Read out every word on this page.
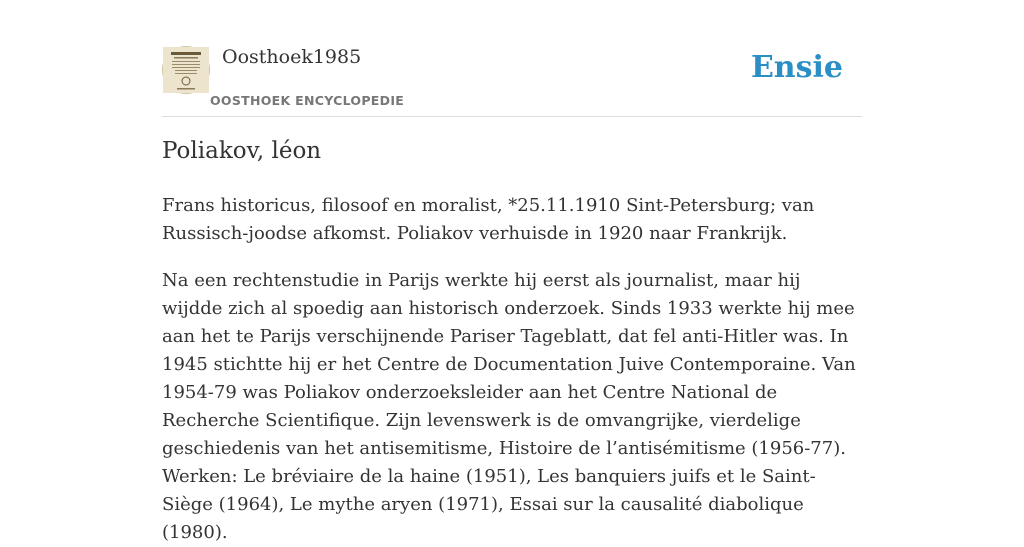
Oosthoek1985
OOSTHOEK ENCYCLOPEDIE
Ensie
Poliakov, léon

Frans historicus, filosoof en moralist, *25.11.1910 Sint-Petersburg; van Russisch-joodse afkomst. Poliakov verhuisde in 1920 naar Frankrijk.

Na een rechtenstudie in Parijs werkte hij eerst als journalist, maar hij wijdde zich al spoedig aan historisch onderzoek. Sinds 1933 werkte hij mee aan het te Parijs verschijnende Pariser Tageblatt, dat fel anti-Hitler was. In 1945 stichtte hij er het Centre de Documentation Juive Contemporaine. Van 1954-79 was Poliakov onderzoeksleider aan het Centre National de Recherche Scientifique. Zijn levenswerk is de omvangrijke, vierdelige geschiedenis van het antisemitisme, Histoire de l’antisémitisme (1956-77). Werken: Le bréviaire de la haine (1951), Les banquiers juifs et le Saint-Siège (1964), Le mythe aryen (1971), Essai sur la causalité diabolique (1980).
